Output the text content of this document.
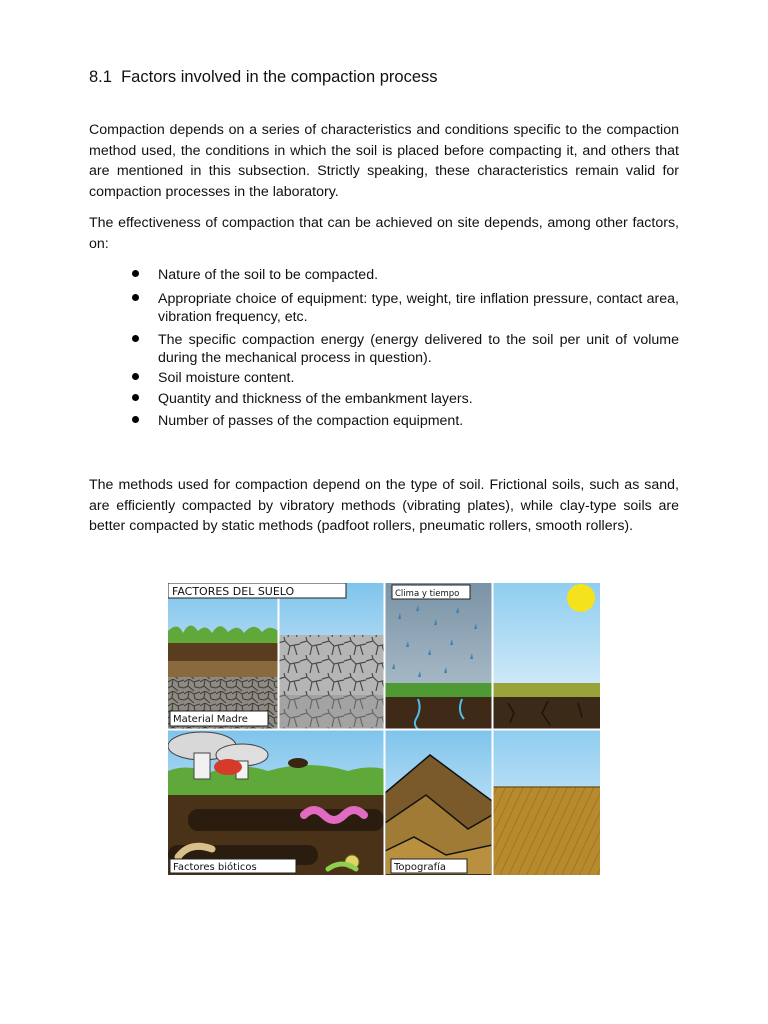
8.1  Factors involved in the compaction process

Compaction depends on a series of characteristics and conditions specific to the compaction method used, the conditions in which the soil is placed before compacting it, and others that are mentioned in this subsection. Strictly speaking, these characteristics remain valid for compaction processes in the laboratory.

The effectiveness of compaction that can be achieved on site depends, among other factors, on:

Nature of the soil to be compacted.
Appropriate choice of equipment: type, weight, tire inflation pressure, contact area, vibration frequency, etc.
The specific compaction energy (energy delivered to the soil per unit of volume during the mechanical process in question).
Soil moisture content.
Quantity and thickness of the embankment layers.
Number of passes of the compaction equipment.

The methods used for compaction depend on the type of soil. Frictional soils, such as sand, are efficiently compacted by vibratory methods (vibrating plates), while clay-type soils are better compacted by static methods (padfoot rollers, pneumatic rollers, smooth rollers).

FACTORES DEL SUELO	Clima y tiempo
Material Madre
Factores bióticos	Topografía
